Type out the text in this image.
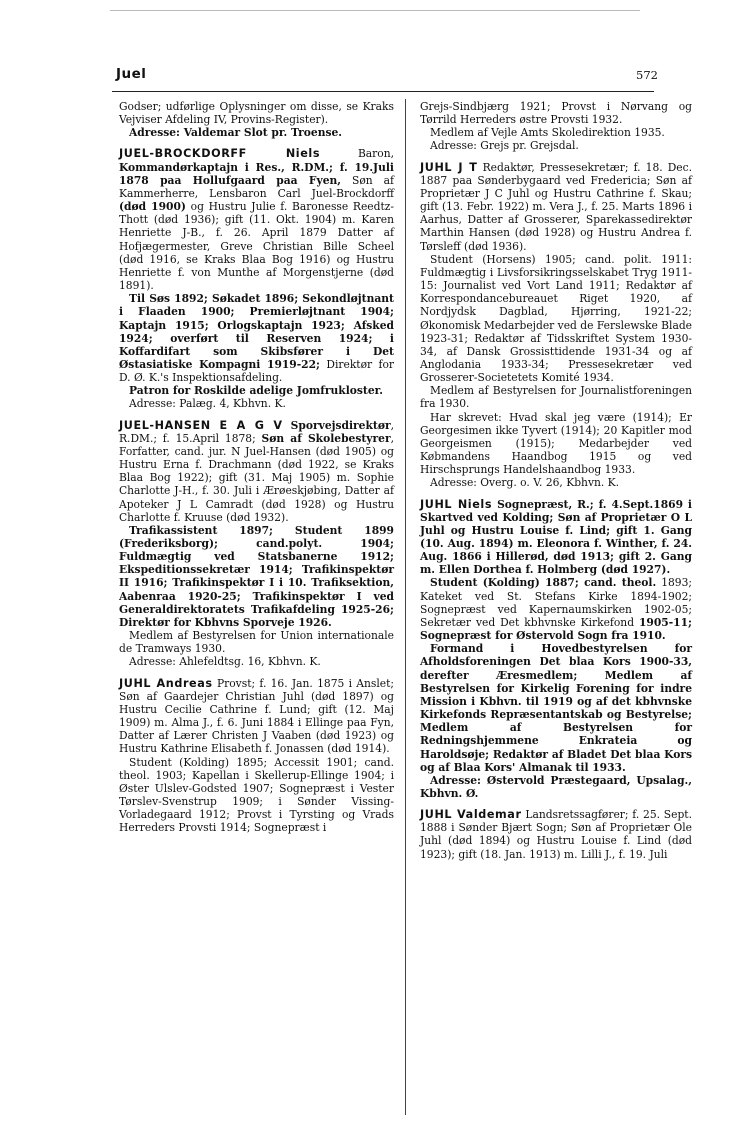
Juel	572

Godser; udførlige Oplysninger om disse, se Kraks Vejviser Afdeling IV, Provins-Register).

Adresse: Valdemar Slot pr. Troense.

JUEL-BROCKDORFF Niels Baron, Kommandørkaptajn i Res., R.DM.; f. 19.Juli 1878 paa Hollufgaard paa Fyen, Søn af Kammerherre, Lensbaron Carl Juel-Brockdorff (død 1900) og Hustru Julie f. Baronesse Reedtz-Thott (død 1936); gift (11. Okt. 1904) m. Karen Henriette J-B., f. 26. April 1879 Datter af Hofjægermester, Greve Christian Bille Scheel (død 1916, se Kraks Blaa Bog 1916) og Hustru Henriette f. von Munthe af Morgenstjerne (død 1891).

Til Søs 1892; Søkadet 1896; Sekondløjtnant i Flaaden 1900; Premierløjtnant 1904; Kaptajn 1915; Orlogskaptajn 1923; Afsked 1924; overført til Reserven 1924; i Koffardifart som Skibsfører i Det Østasiatiske Kompagni 1919-22; Direktør for D. Ø. K.'s Inspektionsafdeling.

Patron for Roskilde adelige Jomfrukloster.

Adresse: Palæg. 4, Kbhvn. K.

JUEL-HANSEN E A G V Sporvejsdirektør, R.DM.; f. 15.April 1878; Søn af Skolebestyrer, Forfatter, cand. jur. N Juel-Hansen (død 1905) og Hustru Erna f. Drachmann (død 1922, se Kraks Blaa Bog 1922); gift (31. Maj 1905) m. Sophie Charlotte J-H., f. 30. Juli i Ærøeskjøbing, Datter af Apoteker J L Camradt (død 1928) og Hustru Charlotte f. Kruuse (død 1932).

Trafikassistent 1897; Student 1899 (Frederiksborg); cand.polyt. 1904; Fuldmægtig ved Statsbanerne 1912; Ekspeditionssekretær 1914; Trafikinspektør II 1916; Trafikinspektør I i 10. Trafiksektion, Aabenraa 1920-25; Trafikinspektør I ved Generaldirektoratets Trafikafdeling 1925-26; Direktør for Kbhvns Sporveje 1926.

Medlem af Bestyrelsen for Union internationale de Tramways 1930.

Adresse: Ahlefeldtsg. 16, Kbhvn. K.

JUHL Andreas Provst; f. 16. Jan. 1875 i Anslet; Søn af Gaardejer Christian Juhl (død 1897) og Hustru Cecilie Cathrine f. Lund; gift (12. Maj 1909) m. Alma J., f. 6. Juni 1884 i Ellinge paa Fyn, Datter af Lærer Christen J Vaaben (død 1923) og Hustru Kathrine Elisabeth f. Jonassen (død 1914).

Student (Kolding) 1895; Accessit 1901; cand. theol. 1903; Kapellan i Skellerup-Ellinge 1904; i Øster Ulslev-Godsted 1907; Sognepræst i Vester Tørslev-Svenstrup 1909; i Sønder Vissing-Vorladegaard 1912; Provst i Tyrsting og Vrads Herreders Provsti 1914; Sognepræst i

Grejs-Sindbjærg 1921; Provst i Nørvang og Tørrild Herreders østre Provsti 1932.

Medlem af Vejle Amts Skoledirektion 1935.

Adresse: Grejs pr. Grejsdal.

JUHL J T Redaktør, Pressesekretær; f. 18. Dec. 1887 paa Sønderbygaard ved Fredericia; Søn af Proprietær J C Juhl og Hustru Cathrine f. Skau; gift (13. Febr. 1922) m. Vera J., f. 25. Marts 1896 i Aarhus, Datter af Grosserer, Sparekassedirektør Marthin Hansen (død 1928) og Hustru Andrea f. Tørsleff (død 1936).

Student (Horsens) 1905; cand. polit. 1911: Fuldmægtig i Livsforsikringsselskabet Tryg 1911-15: Journalist ved Vort Land 1911; Redaktør af Korrespondancebureauet Riget 1920, af Nordjydsk Dagblad, Hjørring, 1921-22; Økonomisk Medarbejder ved de Ferslewske Blade 1923-31; Redaktør af Tidsskriftet System 1930-34, af Dansk Grossisttidende 1931-34 og af Anglodania 1933-34; Pressesekretær ved Grosserer-Societetets Komité 1934.

Medlem af Bestyrelsen for Journalistforeningen fra 1930.

Har skrevet: Hvad skal jeg være (1914); Er Georgesimen ikke Tyvert (1914); 20 Kapitler mod Georgeismen (1915); Medarbejder ved Købmandens Haandbog 1915 og ved Hirschsprungs Handelshaandbog 1933.

Adresse: Overg. o. V. 26, Kbhvn. K.

JUHL Niels Sognepræst, R.; f. 4.Sept.1869 i Skartved ved Kolding; Søn af Proprietær O L Juhl og Hustru Louise f. Lind; gift 1. Gang (10. Aug. 1894) m. Eleonora f. Winther, f. 24. Aug. 1866 i Hillerød, død 1913; gift 2. Gang m. Ellen Dorthea f. Holmberg (død 1927).

Student (Kolding) 1887; cand. theol. 1893; Kateket ved St. Stefans Kirke 1894-1902; Sognepræst ved Kapernaumskirken 1902-05; Sekretær ved Det kbhvnske Kirkefond 1905-11; Sognepræst for Østervold Sogn fra 1910.

Formand i Hovedbestyrelsen for Afholdsforeningen Det blaa Kors 1900-33, derefter Æresmedlem; Medlem af Bestyrelsen for Kirkelig Forening for indre Mission i Kbhvn. til 1919 og af det kbhvnske Kirkefonds Repræsentantskab og Bestyrelse; Medlem af Bestyrelsen for Redningshjemmene Enkrateia og Haroldsøje; Redaktør af Bladet Det blaa Kors og af Blaa Kors' Almanak til 1933.

Adresse: Østervold Præstegaard, Upsalag., Kbhvn. Ø.

JUHL Valdemar Landsretssagfører; f. 25. Sept. 1888 i Sønder Bjært Sogn; Søn af Proprietær Ole Juhl (død 1894) og Hustru Louise f. Lind (død 1923); gift (18. Jan. 1913) m. Lilli J., f. 19. Juli
